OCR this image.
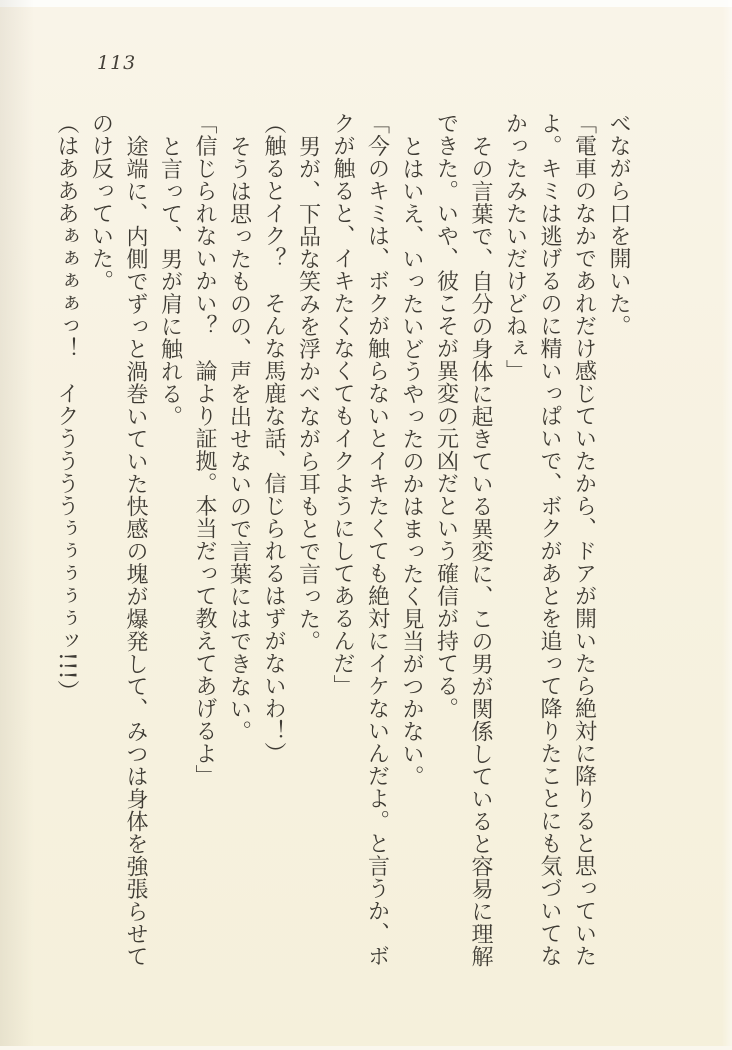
113

べながら口を開いた。

「電車のなかであれだけ感じていたから、ドアが開いたら絶対に降りると思っていた

よ。キミは逃げるのに精いっぱいで、ボクがあとを追って降りたことにも気づいてな

かったみたいだけどねぇ」

その言葉で、自分の身体に起きている異変に、この男が関係していると容易に理解

できた。いや、彼こそが異変の元凶だという確信が持てる。

とはいえ、いったいどうやったのかはまったく見当がつかない。

「今のキミは、ボクが触らないとイキたくても絶対にイケないんだよ。と言うか、ボ

クが触ると、イキたくなくてもイクようにしてあるんだ」

男が、下品な笑みを浮かべながら耳もとで言った。

（触るとイク？　そんな馬鹿な話、信じられるはずがないわ！）

そうは思ったものの、声を出せないので言葉にはできない。

「信じられないかい？　論より証拠。本当だって教えてあげるよ」

と言って、男が肩に触れる。

途端に、内側でずっと渦巻いていた快感の塊が爆発して、みつは身体を強張らせて

のけ反っていた。

（はあああぁぁぁぁっ！　イクううううぅぅぅぅぅッ!!!）
